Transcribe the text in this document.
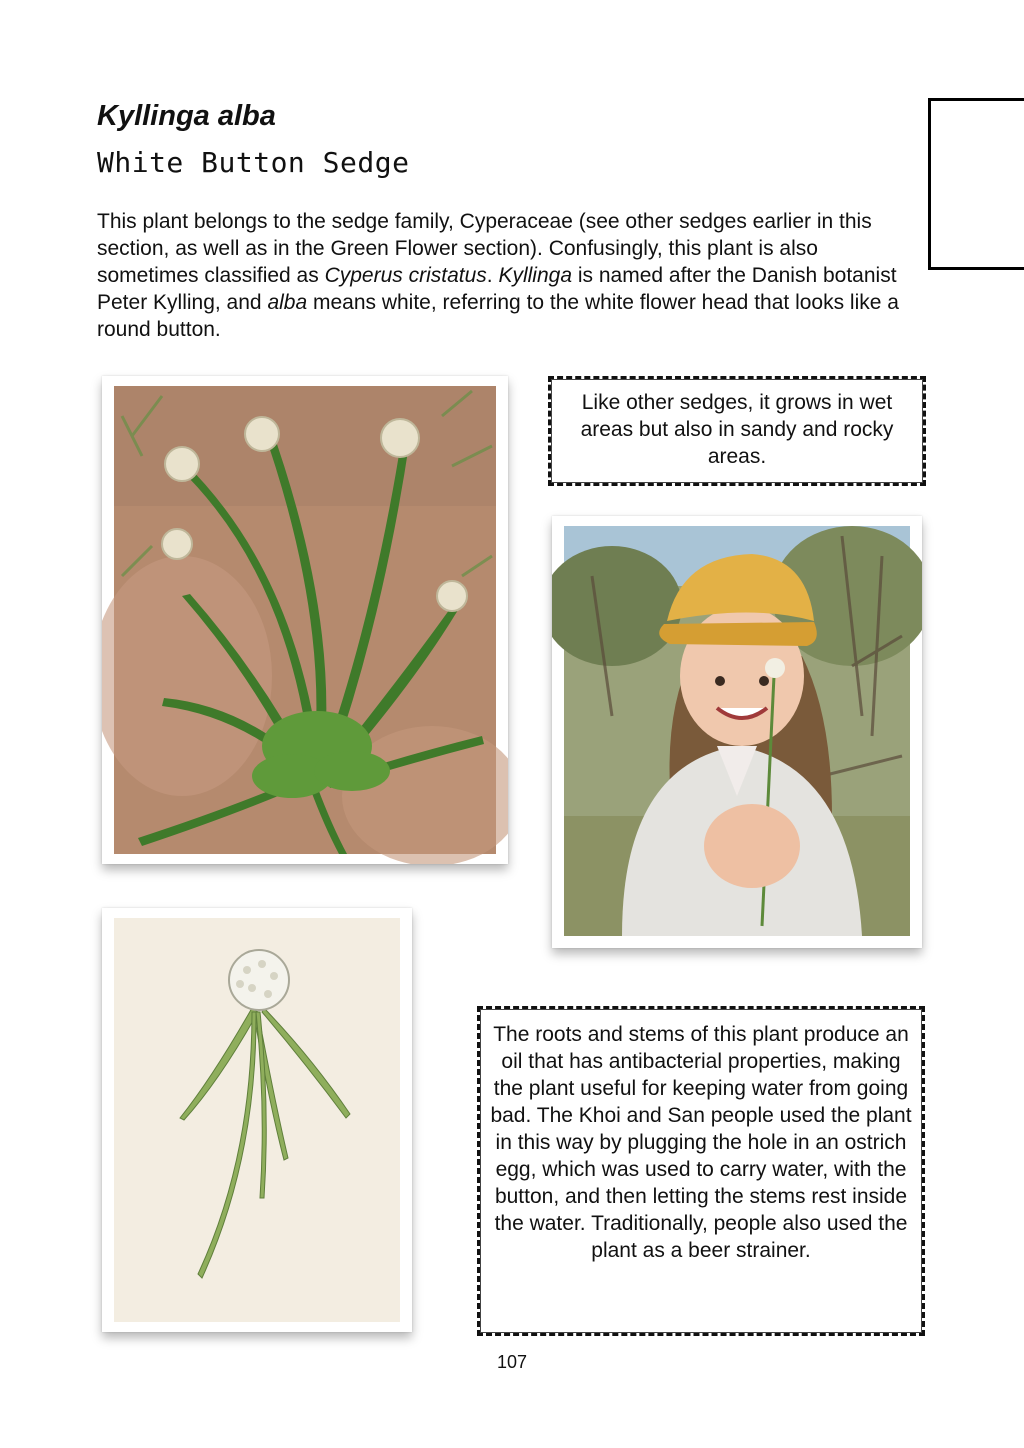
Kyllinga alba
White Button Sedge
This plant belongs to the sedge family, Cyperaceae (see other sedges earlier in this section, as well as in the Green Flower section). Confusingly, this plant is also sometimes classified as Cyperus cristatus. Kyllinga is named after the Danish botanist Peter Kylling, and alba means white, referring to the white flower head that looks like a round button.
Like other sedges, it grows in wet areas but also in sandy and rocky areas.
The roots and stems of this plant produce an oil that has antibacterial properties, making the plant useful for keeping water from going bad. The Khoi and San people used the plant in this way by plugging the hole in an ostrich egg, which was used to carry water, with the button, and then letting the stems rest inside the water. Traditionally, people also used the plant as a beer strainer.
107
